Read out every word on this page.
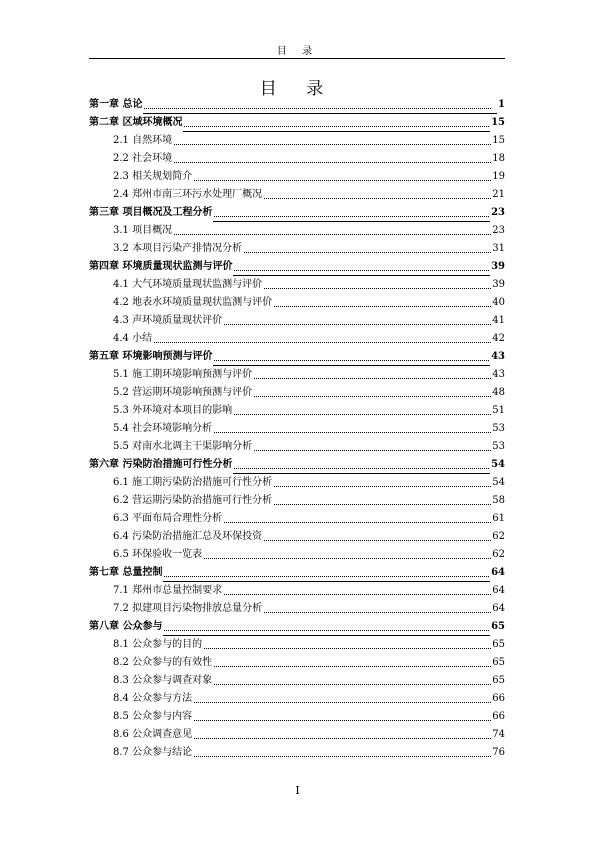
目 录
目 录
第一章 总论	1
第二章 区域环境概况	15
2.1 自然环境	15
2.2 社会环境	18
2.3 相关规划简介	19
2.4 郑州市南三环污水处理厂概况	21
第三章 项目概况及工程分析	23
3.1 项目概况	23
3.2 本项目污染产排情况分析	31
第四章 环境质量现状监测与评价	39
4.1 大气环境质量现状监测与评价	39
4.2 地表水环境质量现状监测与评价	40
4.3 声环境质量现状评价	41
4.4 小结	42
第五章 环境影响预测与评价	43
5.1 施工期环境影响预测与评价	43
5.2 营运期环境影响预测与评价	48
5.3 外环境对本项目的影响	51
5.4 社会环境影响分析	53
5.5 对南水北调主干渠影响分析	53
第六章 污染防治措施可行性分析	54
6.1 施工期污染防治措施可行性分析	54
6.2 营运期污染防治措施可行性分析	58
6.3 平面布局合理性分析	61
6.4 污染防治措施汇总及环保投资	62
6.5 环保验收一览表	62
第七章 总量控制	64
7.1 郑州市总量控制要求	64
7.2 拟建项目污染物排放总量分析	64
第八章 公众参与	65
8.1 公众参与的目的	65
8.2 公众参与的有效性	65
8.3 公众参与调查对象	65
8.4 公众参与方法	66
8.5 公众参与内容	66
8.6 公众调查意见	74
8.7 公众参与结论	76
I
